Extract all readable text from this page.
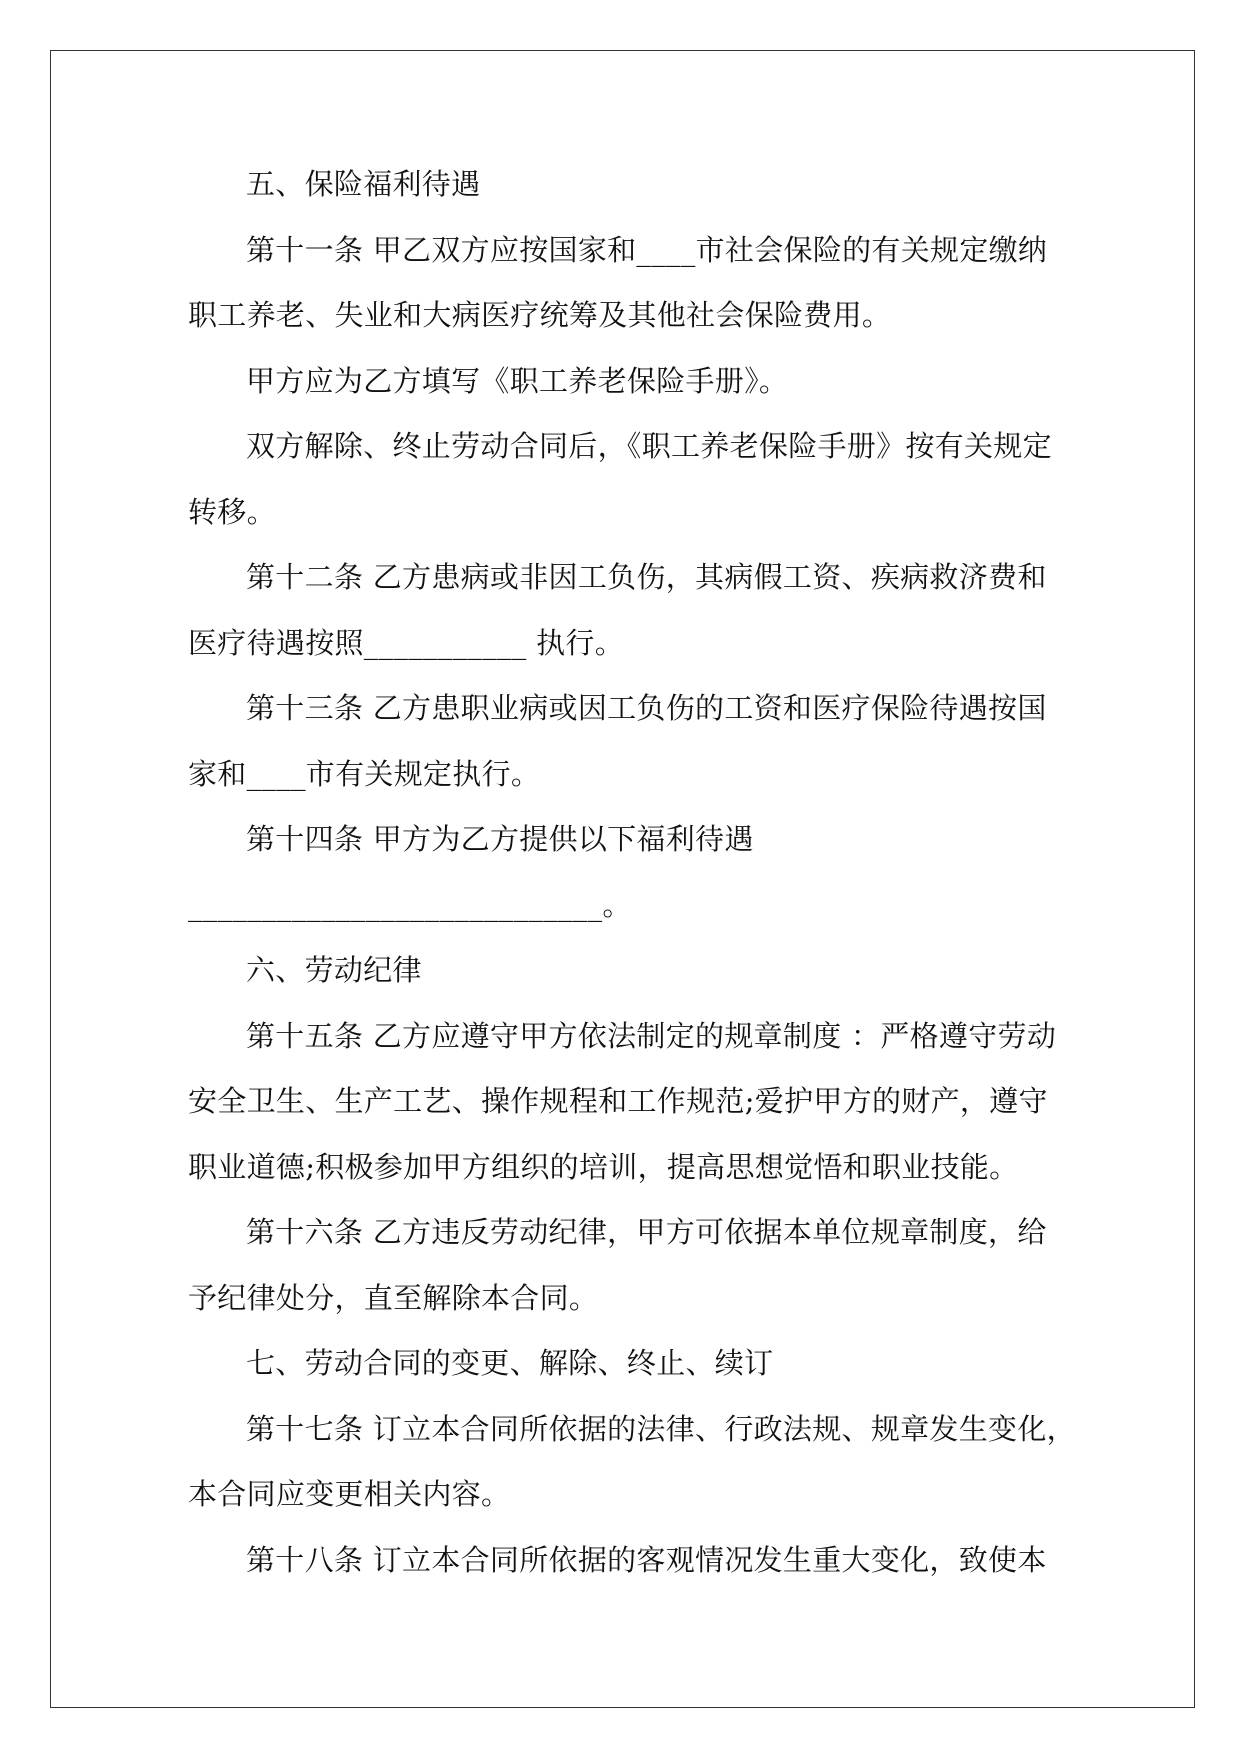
五、保险福利待遇
第十一条 甲乙双方应按国家和____市社会保险的有关规定缴纳
职工养老、失业和大病医疗统筹及其他社会保险费用。
甲方应为乙方填写《职工养老保险手册》。
双方解除、终止劳动合同后，《职工养老保险手册》按有关规定
转移。
第十二条 乙方患病或非因工负伤，其病假工资、疾病救济费和
医疗待遇按照___________ 执行。
第十三条 乙方患职业病或因工负伤的工资和医疗保险待遇按国
家和____市有关规定执行。
第十四条 甲方为乙方提供以下福利待遇
____________________________。
六、劳动纪律
第十五条 乙方应遵守甲方依法制定的规章制度 ：严格遵守劳动
安全卫生、生产工艺、操作规程和工作规范;爱护甲方的财产，遵守
职业道德;积极参加甲方组织的培训，提高思想觉悟和职业技能。
第十六条 乙方违反劳动纪律，甲方可依据本单位规章制度，给
予纪律处分，直至解除本合同。
七、劳动合同的变更、解除、终止、续订
第十七条 订立本合同所依据的法律、行政法规、规章发生变化，
本合同应变更相关内容。
第十八条 订立本合同所依据的客观情况发生重大变化，致使本
